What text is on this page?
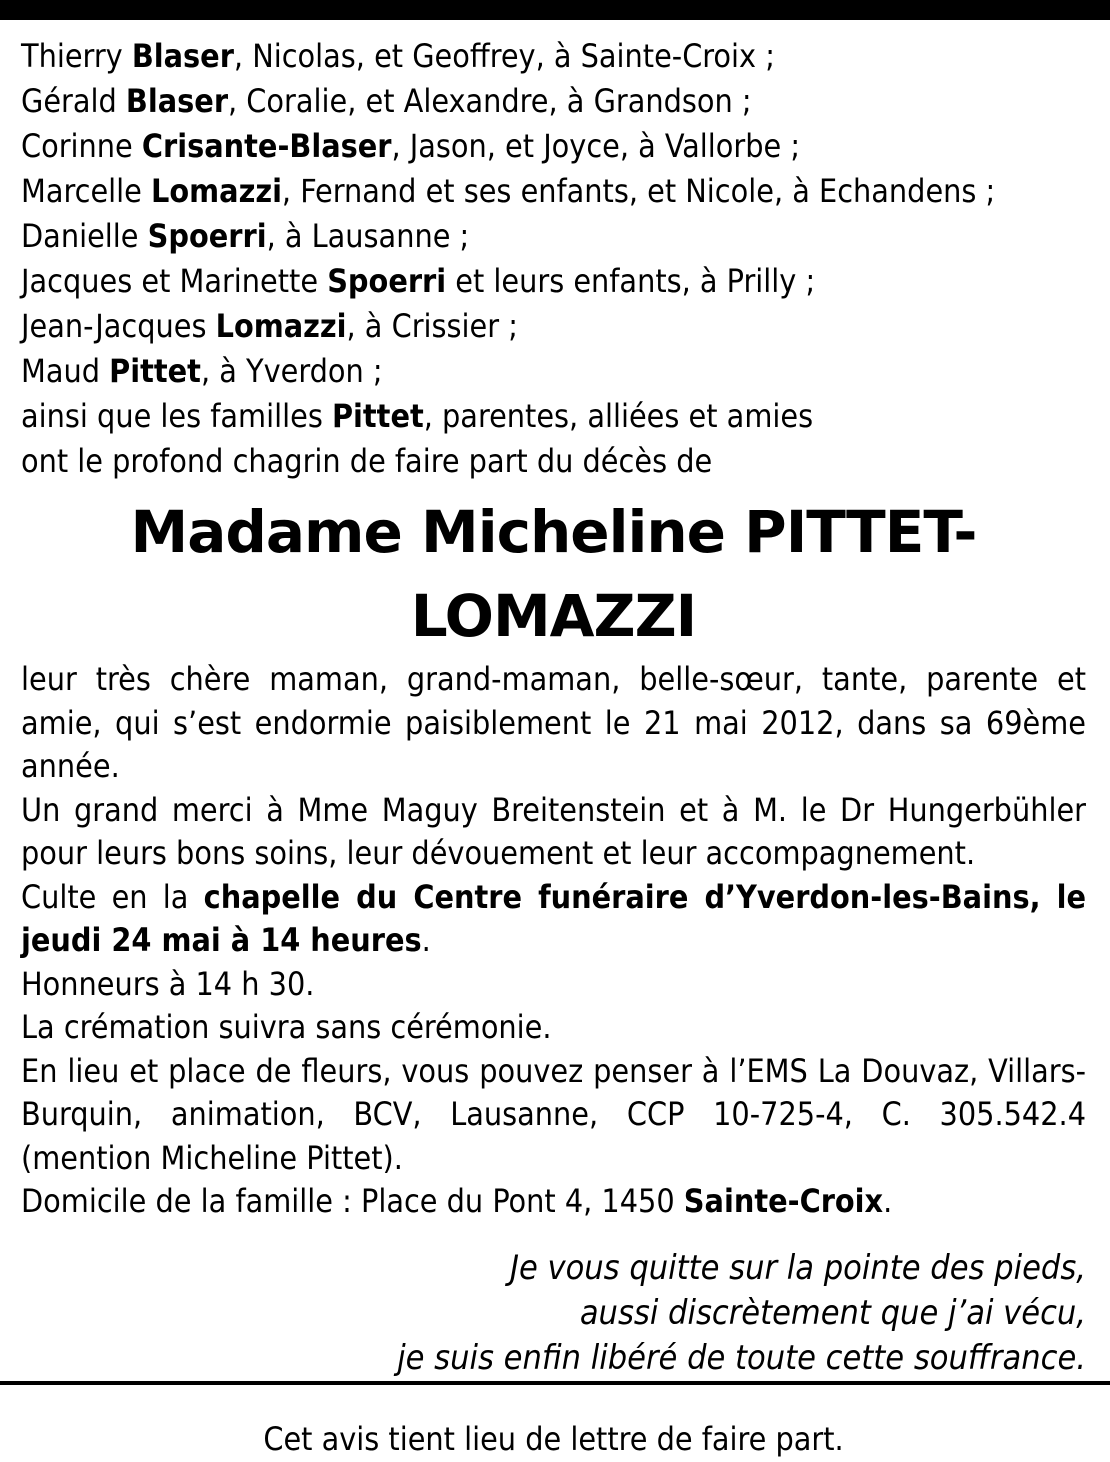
Thierry Blaser, Nicolas, et Geoffrey, à Sainte-Croix ;
Gérald Blaser, Coralie, et Alexandre, à Grandson ;
Corinne Crisante-Blaser, Jason, et Joyce, à Vallorbe ;
Marcelle Lomazzi, Fernand et ses enfants, et Nicole, à Echandens ;
Danielle Spoerri, à Lausanne ;
Jacques et Marinette Spoerri et leurs enfants, à Prilly ;
Jean-Jacques Lomazzi, à Crissier ;
Maud Pittet, à Yverdon ;
ainsi que les familles Pittet, parentes, alliées et amies
ont le profond chagrin de faire part du décès de
Madame Micheline PITTET-LOMAZZI

leur très chère maman, grand-maman, belle-sœur, tante, parente et amie, qui s’est endormie paisiblement le 21 mai 2012, dans sa 69ème année.

Un grand merci à Mme Maguy Breitenstein et à M. le Dr Hungerbühler pour leurs bons soins, leur dévouement et leur accompagnement.

Culte en la chapelle du Centre funéraire d’Yverdon-les-Bains, le jeudi 24 mai à 14 heures.

Honneurs à 14 h 30.

La crémation suivra sans cérémonie.

En lieu et place de fleurs, vous pouvez penser à l’EMS La Douvaz, Villars-Burquin, animation, BCV, Lausanne, CCP 10-725-4, C. 305.542.4 (mention Micheline Pittet).

Domicile de la famille : Place du Pont 4, 1450 Sainte-Croix.

Je vous quitte sur la pointe des pieds,
aussi discrètement que j’ai vécu,
je suis enfin libéré de toute cette souffrance.
Cet avis tient lieu de lettre de faire part.
